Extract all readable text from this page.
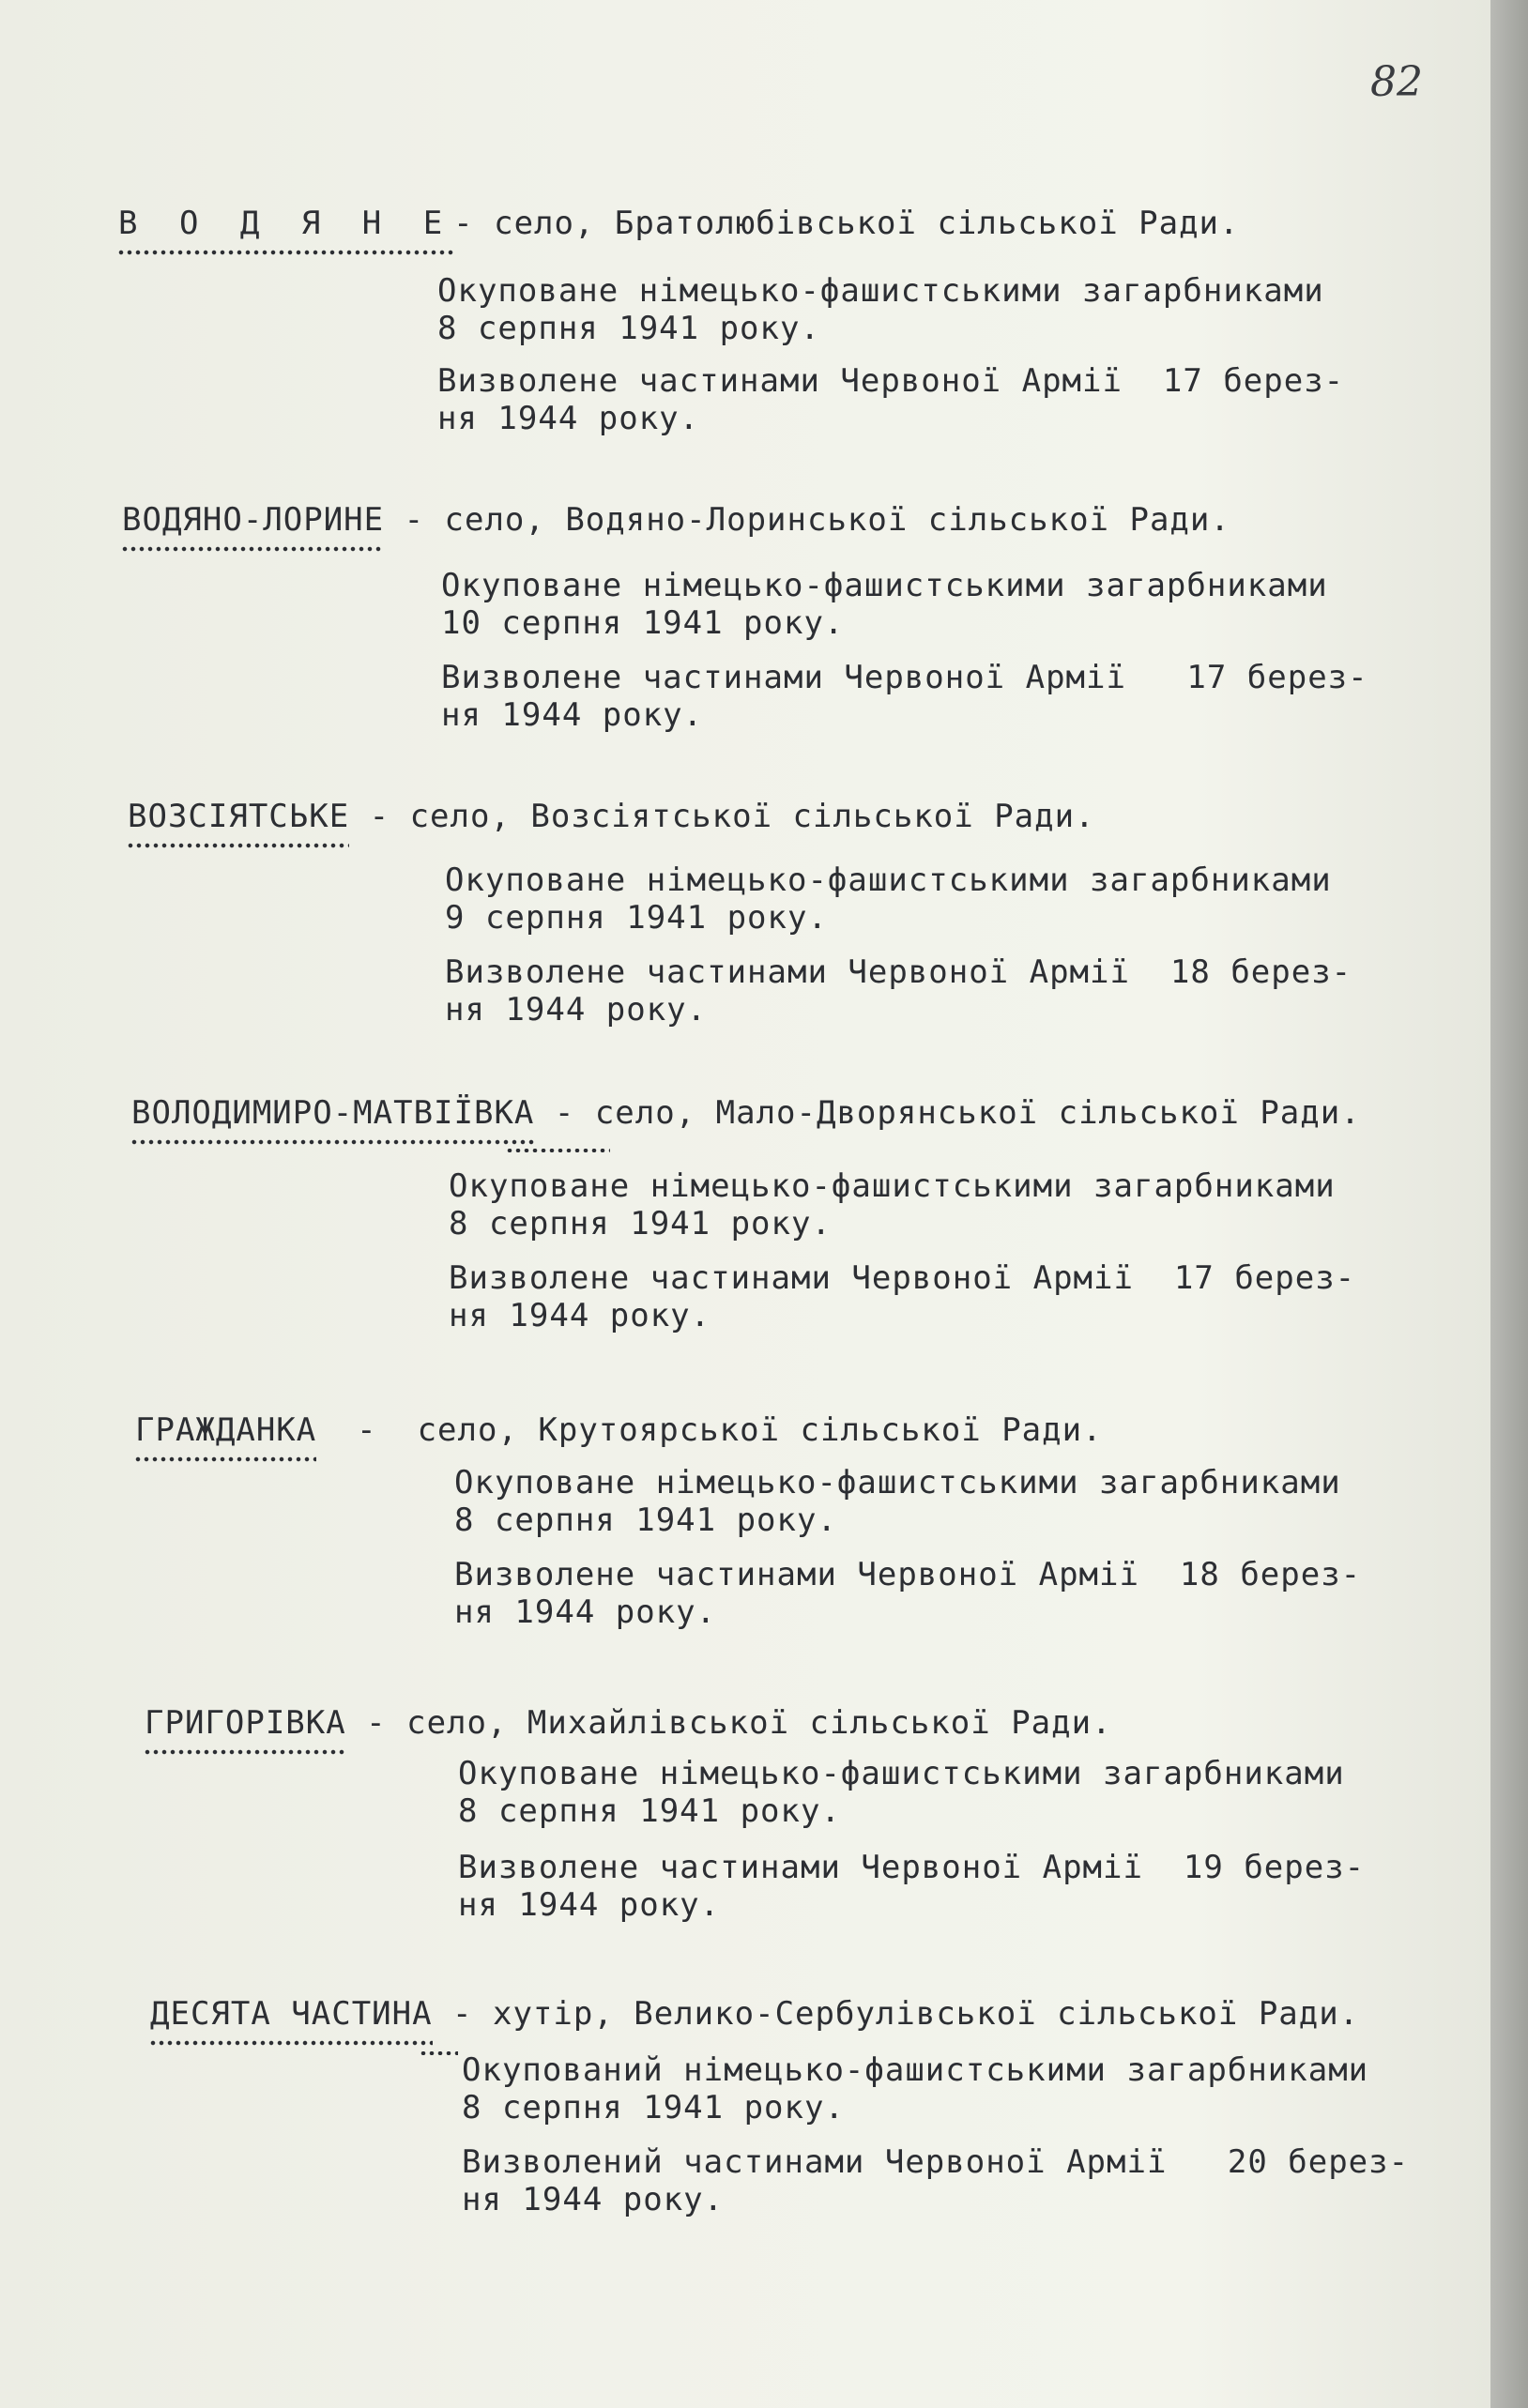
82
В О Д Я Н Е- село, Братолюбівської сільської Ради.
Окуповане німецько-фашистськими загарбниками
8 серпня 1941 року.
Визволене частинами Червоної Армії  17 берез-
ня 1944 року.
ВОДЯНО-ЛОРИНЕ - село, Водяно-Лоринської сільської Ради.
Окуповане німецько-фашистськими загарбниками
10 серпня 1941 року.
Визволене частинами Червоної Армії   17 берез-
ня 1944 року.
ВОЗСІЯТСЬКЕ - село, Возсіятської сільської Ради.
Окуповане німецько-фашистськими загарбниками
9 серпня 1941 року.
Визволене частинами Червоної Армії  18 берез-
ня 1944 року.
ВОЛОДИМИРО-МАТВІЇВКА - село, Мало-Дворянської сільської Ради.
Окуповане німецько-фашистськими загарбниками
8 серпня 1941 року.
Визволене частинами Червоної Армії  17 берез-
ня 1944 року.
ГРАЖДАНКА  -  село, Крутоярської сільської Ради.
Окуповане німецько-фашистськими загарбниками
8 серпня 1941 року.
Визволене частинами Червоної Армії  18 берез-
ня 1944 року.
ГРИГОРІВКА - село, Михайлівської сільської Ради.
Окуповане німецько-фашистськими загарбниками
8 серпня 1941 року.
Визволене частинами Червоної Армії  19 берез-
ня 1944 року.
ДЕСЯТА ЧАСТИНА - хутір, Велико-Сербулівської сільської Ради.
Окупований німецько-фашистськими загарбниками
8 серпня 1941 року.
Визволений частинами Червоної Армії   20 берез-
ня 1944 року.
